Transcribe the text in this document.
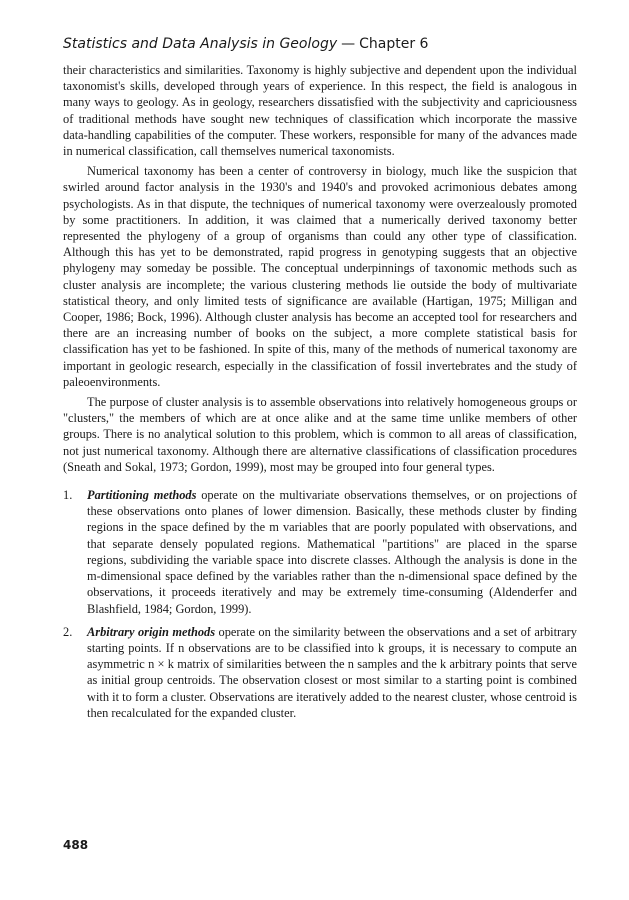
Statistics and Data Analysis in Geology — Chapter 6

their characteristics and similarities. Taxonomy is highly subjective and dependent upon the individual taxonomist's skills, developed through years of experience. In this respect, the field is analogous in many ways to geology. As in geology, researchers dissatisfied with the subjectivity and capriciousness of traditional methods have sought new techniques of classification which incorporate the massive data-handling capabilities of the computer. These workers, responsible for many of the advances made in numerical classification, call themselves numerical taxonomists.

Numerical taxonomy has been a center of controversy in biology, much like the suspicion that swirled around factor analysis in the 1930's and 1940's and provoked acrimonious debates among psychologists. As in that dispute, the techniques of numerical taxonomy were overzealously promoted by some practitioners. In addition, it was claimed that a numerically derived taxonomy better represented the phylogeny of a group of organisms than could any other type of classification. Although this has yet to be demonstrated, rapid progress in genotyping suggests that an objective phylogeny may someday be possible. The conceptual underpinnings of taxonomic methods such as cluster analysis are incomplete; the various clustering methods lie outside the body of multivariate statistical theory, and only limited tests of significance are available (Hartigan, 1975; Milligan and Cooper, 1986; Bock, 1996). Although cluster analysis has become an accepted tool for researchers and there are an increasing number of books on the subject, a more complete statistical basis for classification has yet to be fashioned. In spite of this, many of the methods of numerical taxonomy are important in geologic research, especially in the classification of fossil invertebrates and the study of paleoenvironments.

The purpose of cluster analysis is to assemble observations into relatively homogeneous groups or "clusters," the members of which are at once alike and at the same time unlike members of other groups. There is no analytical solution to this problem, which is common to all areas of classification, not just numerical taxonomy. Although there are alternative classifications of classification procedures (Sneath and Sokal, 1973; Gordon, 1999), most may be grouped into four general types.

1. Partitioning methods operate on the multivariate observations themselves, or on projections of these observations onto planes of lower dimension. Basically, these methods cluster by finding regions in the space defined by the m variables that are poorly populated with observations, and that separate densely populated regions. Mathematical "partitions" are placed in the sparse regions, subdividing the variable space into discrete classes. Although the analysis is done in the m-dimensional space defined by the variables rather than the n-dimensional space defined by the observations, it proceeds iteratively and may be extremely time-consuming (Aldenderfer and Blashfield, 1984; Gordon, 1999).

2. Arbitrary origin methods operate on the similarity between the observations and a set of arbitrary starting points. If n observations are to be classified into k groups, it is necessary to compute an asymmetric n × k matrix of similarities between the n samples and the k arbitrary points that serve as initial group centroids. The observation closest or most similar to a starting point is combined with it to form a cluster. Observations are iteratively added to the nearest cluster, whose centroid is then recalculated for the expanded cluster.

488
